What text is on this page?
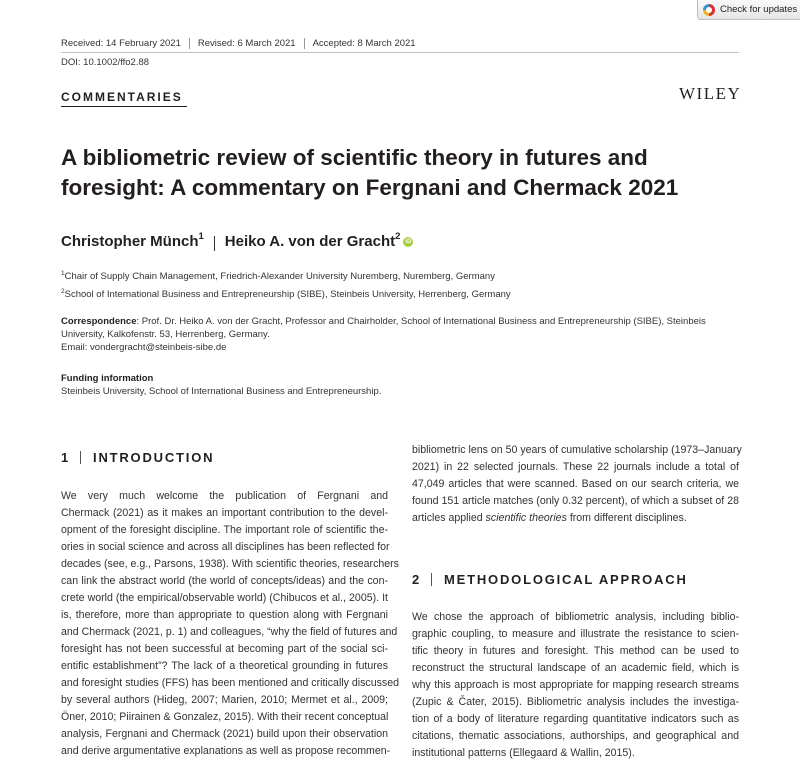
Check for updates
Received: 14 February 2021 Revised: 6 March 2021 Accepted: 8 March 2021
DOI: 10.1002/ffo2.88
COMMENTARIES	WILEY
A bibliometric review of scientific theory in futures and foresight: A commentary on Fergnani and Chermack 2021
Christopher Münch$^1$ Heiko A. von der Gracht$^2$ iD
$^1$Chair of Supply Chain Management, Friedrich-Alexander University Nuremberg, Nuremberg, Germany
$^2$School of International Business and Entrepreneurship (SIBE), Steinbeis University, Herrenberg, Germany
Correspondence: Prof. Dr. Heiko A. von der Gracht, Professor and Chairholder, School of International Business and Entrepreneurship (SIBE), Steinbeis
University, Kalkofenstr. 53, Herrenberg, Germany.
Email: vondergracht@steinbeis-sibe.de
Funding information
Steinbeis University, School of International Business and Entrepreneurship.
1 INTRODUCTION
We very much welcome the publication of Fergnani and
Chermack (2021) as it makes an important contribution to the devel-
opment of the foresight discipline. The important role of scientific the-
ories in social science and across all disciplines has been reflected for
decades (see, e.g., Parsons, 1938). With scientific theories, researchers
can link the abstract world (the world of concepts/ideas) and the con-
crete world (the empirical/observable world) (Chibucos et al., 2005). It
is, therefore, more than appropriate to question along with Fergnani
and Chermack (2021, p. 1) and colleagues, “why the field of futures and
foresight has not been successful at becoming part of the social sci-
entific establishment”? The lack of a theoretical grounding in futures
and foresight studies (FFS) has been mentioned and critically discussed
by several authors (Hideg, 2007; Marien, 2010; Mermet et al., 2009;
Öner, 2010; Piirainen & Gonzalez, 2015). With their recent conceptual
analysis, Fergnani and Chermack (2021) build upon their observation
and derive argumentative explanations as well as propose recommen-
bibliometric lens on 50 years of cumulative scholarship (1973–January
2021) in 22 selected journals. These 22 journals include a total of
47,049 articles that were scanned. Based on our search criteria, we
found 151 article matches (only 0.32 percent), of which a subset of 28
articles applied scientific theories from different disciplines.
2 METHODOLOGICAL APPROACH
We chose the approach of bibliometric analysis, including biblio-
graphic coupling, to measure and illustrate the resistance to scien-
tific theory in futures and foresight. This method can be used to
reconstruct the structural landscape of an academic field, which is
why this approach is most appropriate for mapping research streams
(Zupic & Čater, 2015). Bibliometric analysis includes the investiga-
tion of a body of literature regarding quantitative indicators such as
citations, thematic associations, authorships, and geographical and
institutional patterns (Ellegaard & Wallin, 2015).
